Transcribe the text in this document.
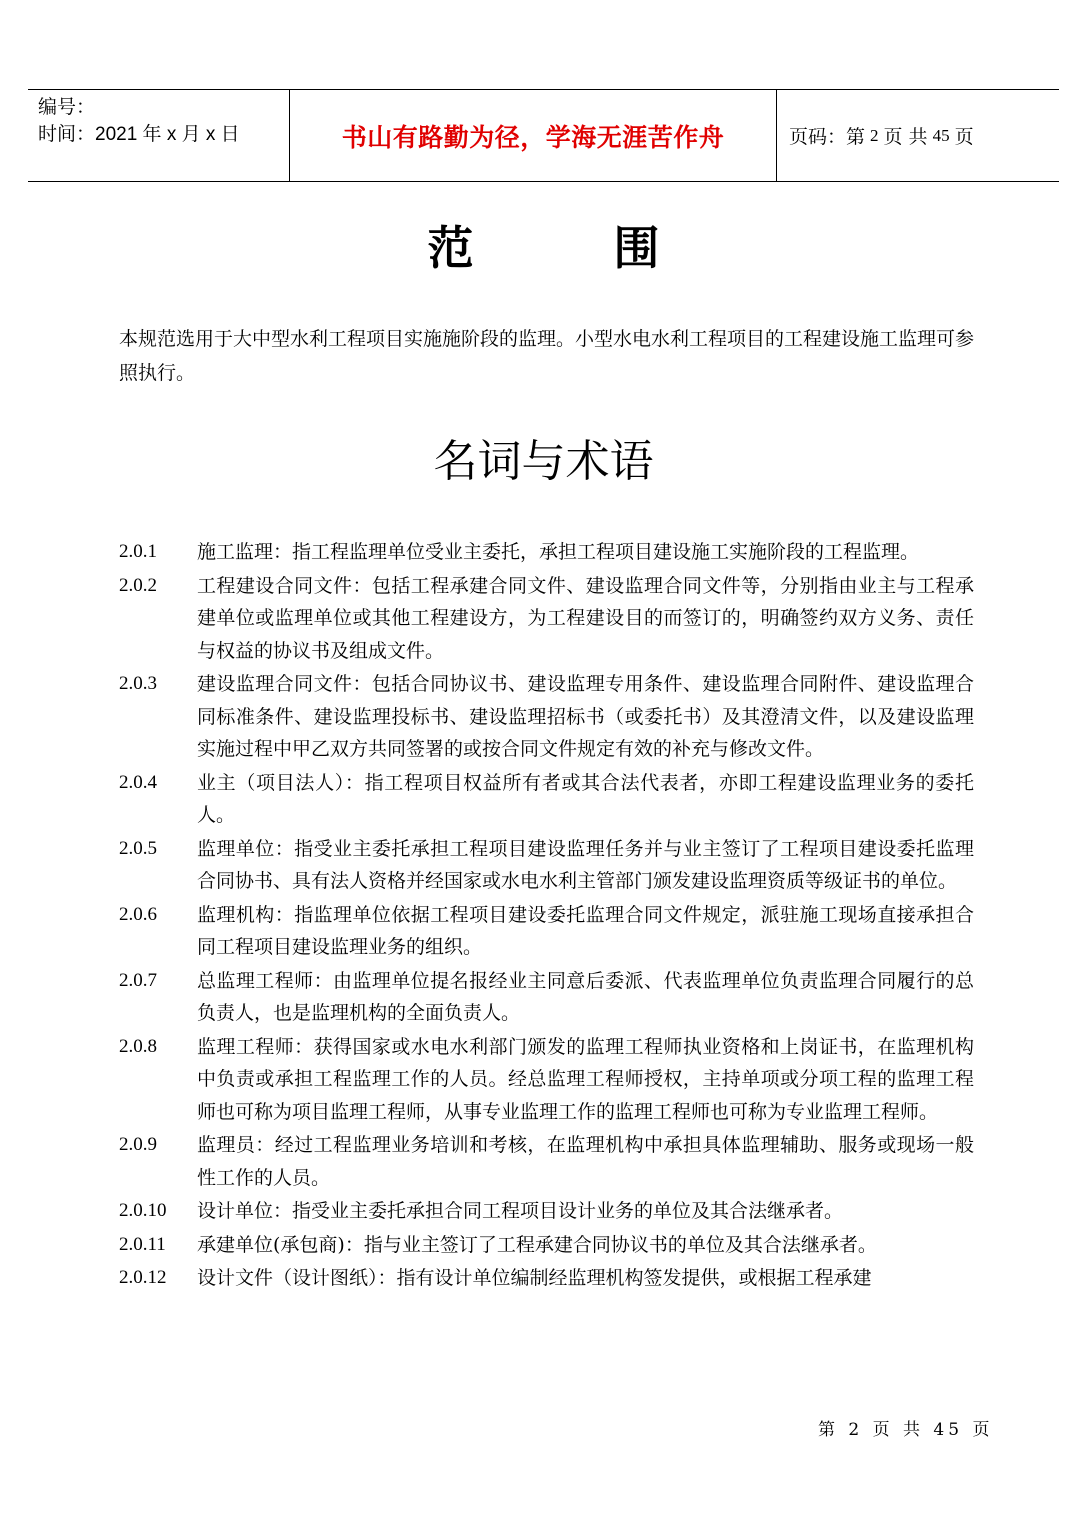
编号：
时间：2021 年 x 月 x 日	书山有路勤为径，学海无涯苦作舟	页码：第 2 页 共 45 页
范	围
本规范选用于大中型水利工程项目实施施阶段的监理。小型水电水利工程项目的工程建设施工监理可参照执行。
名词与术语
2.0.1	施工监理：指工程监理单位受业主委托，承担工程项目建设施工实施阶段的工程监理。
2.0.2	工程建设合同文件：包括工程承建合同文件、建设监理合同文件等，分别指由业主与工程承建单位或监理单位或其他工程建设方，为工程建设目的而签订的，明确签约双方义务、责任与权益的协议书及组成文件。
2.0.3	建设监理合同文件：包括合同协议书、建设监理专用条件、建设监理合同附件、建设监理合同标准条件、建设监理投标书、建设监理招标书（或委托书）及其澄清文件，以及建设监理实施过程中甲乙双方共同签署的或按合同文件规定有效的补充与修改文件。
2.0.4	业主（项目法人）：指工程项目权益所有者或其合法代表者，亦即工程建设监理业务的委托人。
2.0.5	监理单位：指受业主委托承担工程项目建设监理任务并与业主签订了工程项目建设委托监理合同协书、具有法人资格并经国家或水电水利主管部门颁发建设监理资质等级证书的单位。
2.0.6	监理机构：指监理单位依据工程项目建设委托监理合同文件规定，派驻施工现场直接承担合同工程项目建设监理业务的组织。
2.0.7	总监理工程师：由监理单位提名报经业主同意后委派、代表监理单位负责监理合同履行的总负责人，也是监理机构的全面负责人。
2.0.8	监理工程师：获得国家或水电水利部门颁发的监理工程师执业资格和上岗证书，在监理机构中负责或承担工程监理工作的人员。经总监理工程师授权，主持单项或分项工程的监理工程师也可称为项目监理工程师，从事专业监理工作的监理工程师也可称为专业监理工程师。
2.0.9	监理员：经过工程监理业务培训和考核，在监理机构中承担具体监理辅助、服务或现场一般性工作的人员。
2.0.10	设计单位：指受业主委托承担合同工程项目设计业务的单位及其合法继承者。
2.0.11	承建单位(承包商)：指与业主签订了工程承建合同协议书的单位及其合法继承者。
2.0.12	设计文件（设计图纸）：指有设计单位编制经监理机构签发提供，或根据工程承建
第 2 页 共 45 页
